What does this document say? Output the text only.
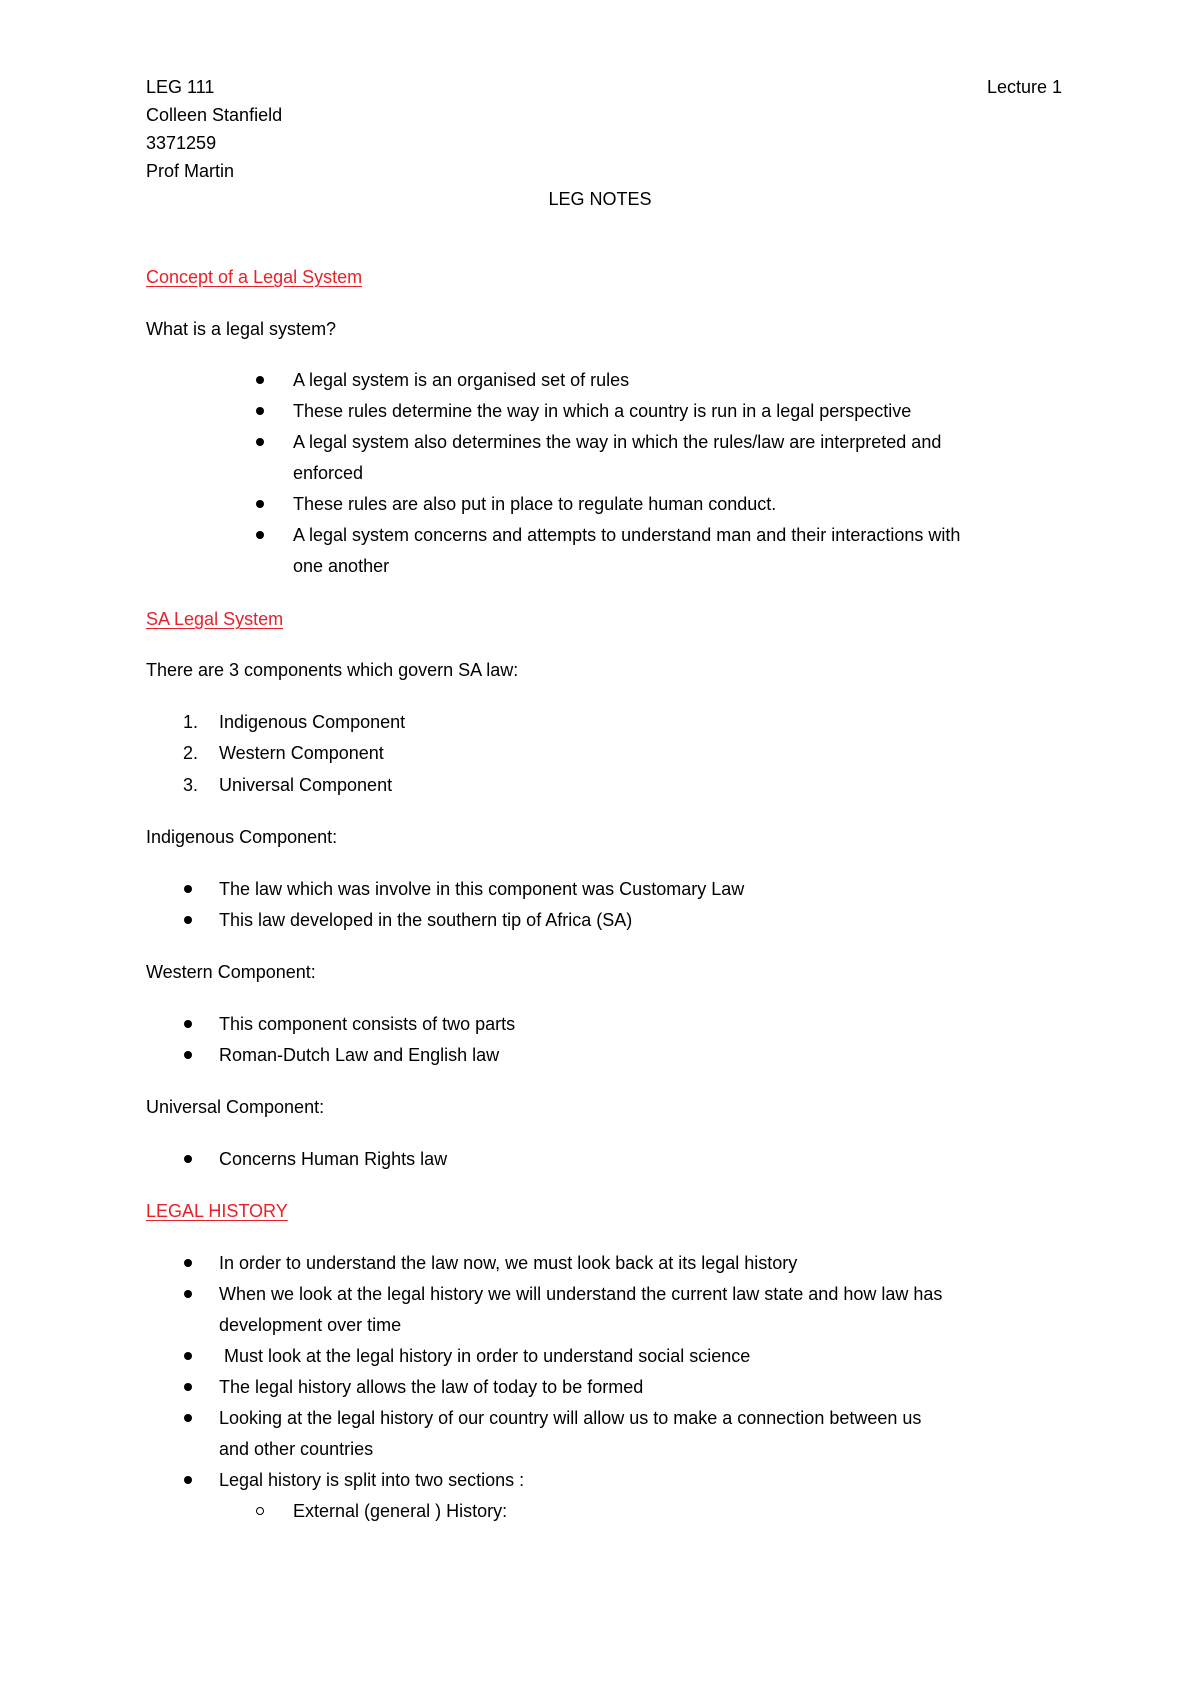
LEG 111	Lecture 1
Colleen Stanfield
3371259
Prof Martin
LEG NOTES
Concept of a Legal System
What is a legal system?
A legal system is an organised set of rules
These rules determine the way in which a country is run in a legal perspective
A legal system also determines the way in which the rules/law are interpreted and
enforced
These rules are also put in place to regulate human conduct.
A legal system concerns and attempts to understand man and their interactions with
one another
SA Legal System
There are 3 components which govern SA law:
1. Indigenous Component
2. Western Component
3. Universal Component
Indigenous Component:
The law which was involve in this component was Customary Law
This law developed in the southern tip of Africa (SA)
Western Component:
This component consists of two parts
Roman-Dutch Law and English law
Universal Component:
Concerns Human Rights law
LEGAL HISTORY
In order to understand the law now, we must look back at its legal history
When we look at the legal history we will understand the current law state and how law has
development over time
Must look at the legal history in order to understand social science
The legal history allows the law of today to be formed
Looking at the legal history of our country will allow us to make a connection between us
and other countries
Legal history is split into two sections :
External (general ) History:
